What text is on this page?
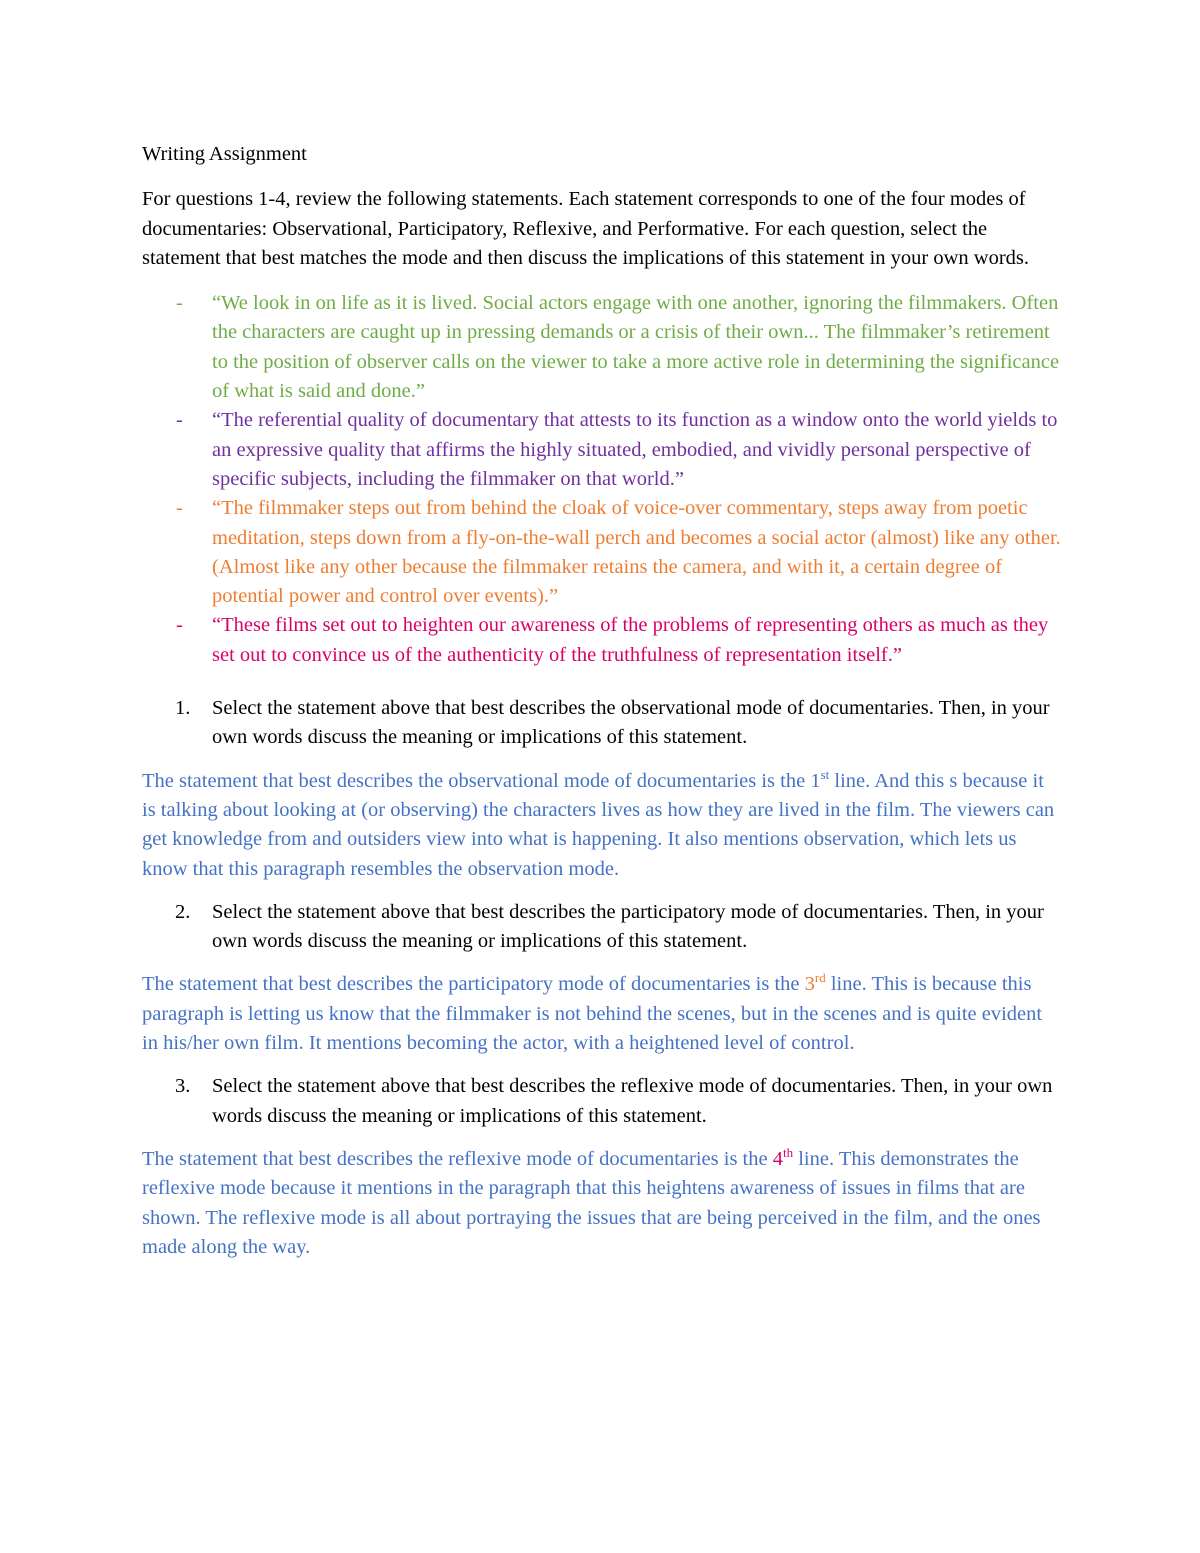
Writing Assignment

For questions 1-4, review the following statements. Each statement corresponds to one of the four modes of documentaries: Observational, Participatory, Reflexive, and Performative. For each question, select the statement that best matches the mode and then discuss the implications of this statement in your own words.

- “We look in on life as it is lived. Social actors engage with one another, ignoring the filmmakers. Often the characters are caught up in pressing demands or a crisis of their own... The filmmaker’s retirement to the position of observer calls on the viewer to take a more active role in determining the significance of what is said and done.”
- “The referential quality of documentary that attests to its function as a window onto the world yields to an expressive quality that affirms the highly situated, embodied, and vividly personal perspective of specific subjects, including the filmmaker on that world.”
- “The filmmaker steps out from behind the cloak of voice-over commentary, steps away from poetic meditation, steps down from a fly-on-the-wall perch and becomes a social actor (almost) like any other. (Almost like any other because the filmmaker retains the camera, and with it, a certain degree of potential power and control over events).”
- “These films set out to heighten our awareness of the problems of representing others as much as they set out to convince us of the authenticity of the truthfulness of representation itself.”

1. Select the statement above that best describes the observational mode of documentaries. Then, in your own words discuss the meaning or implications of this statement.

The statement that best describes the observational mode of documentaries is the 1st line. And this s because it is talking about looking at (or observing) the characters lives as how they are lived in the film. The viewers can get knowledge from and outsiders view into what is happening. It also mentions observation, which lets us know that this paragraph resembles the observation mode.

2. Select the statement above that best describes the participatory mode of documentaries. Then, in your own words discuss the meaning or implications of this statement.

The statement that best describes the participatory mode of documentaries is the 3rd line. This is because this paragraph is letting us know that the filmmaker is not behind the scenes, but in the scenes and is quite evident in his/her own film. It mentions becoming the actor, with a heightened level of control.

3. Select the statement above that best describes the reflexive mode of documentaries. Then, in your own words discuss the meaning or implications of this statement.

The statement that best describes the reflexive mode of documentaries is the 4th line. This demonstrates the reflexive mode because it mentions in the paragraph that this heightens awareness of issues in films that are shown. The reflexive mode is all about portraying the issues that are being perceived in the film, and the ones made along the way.
